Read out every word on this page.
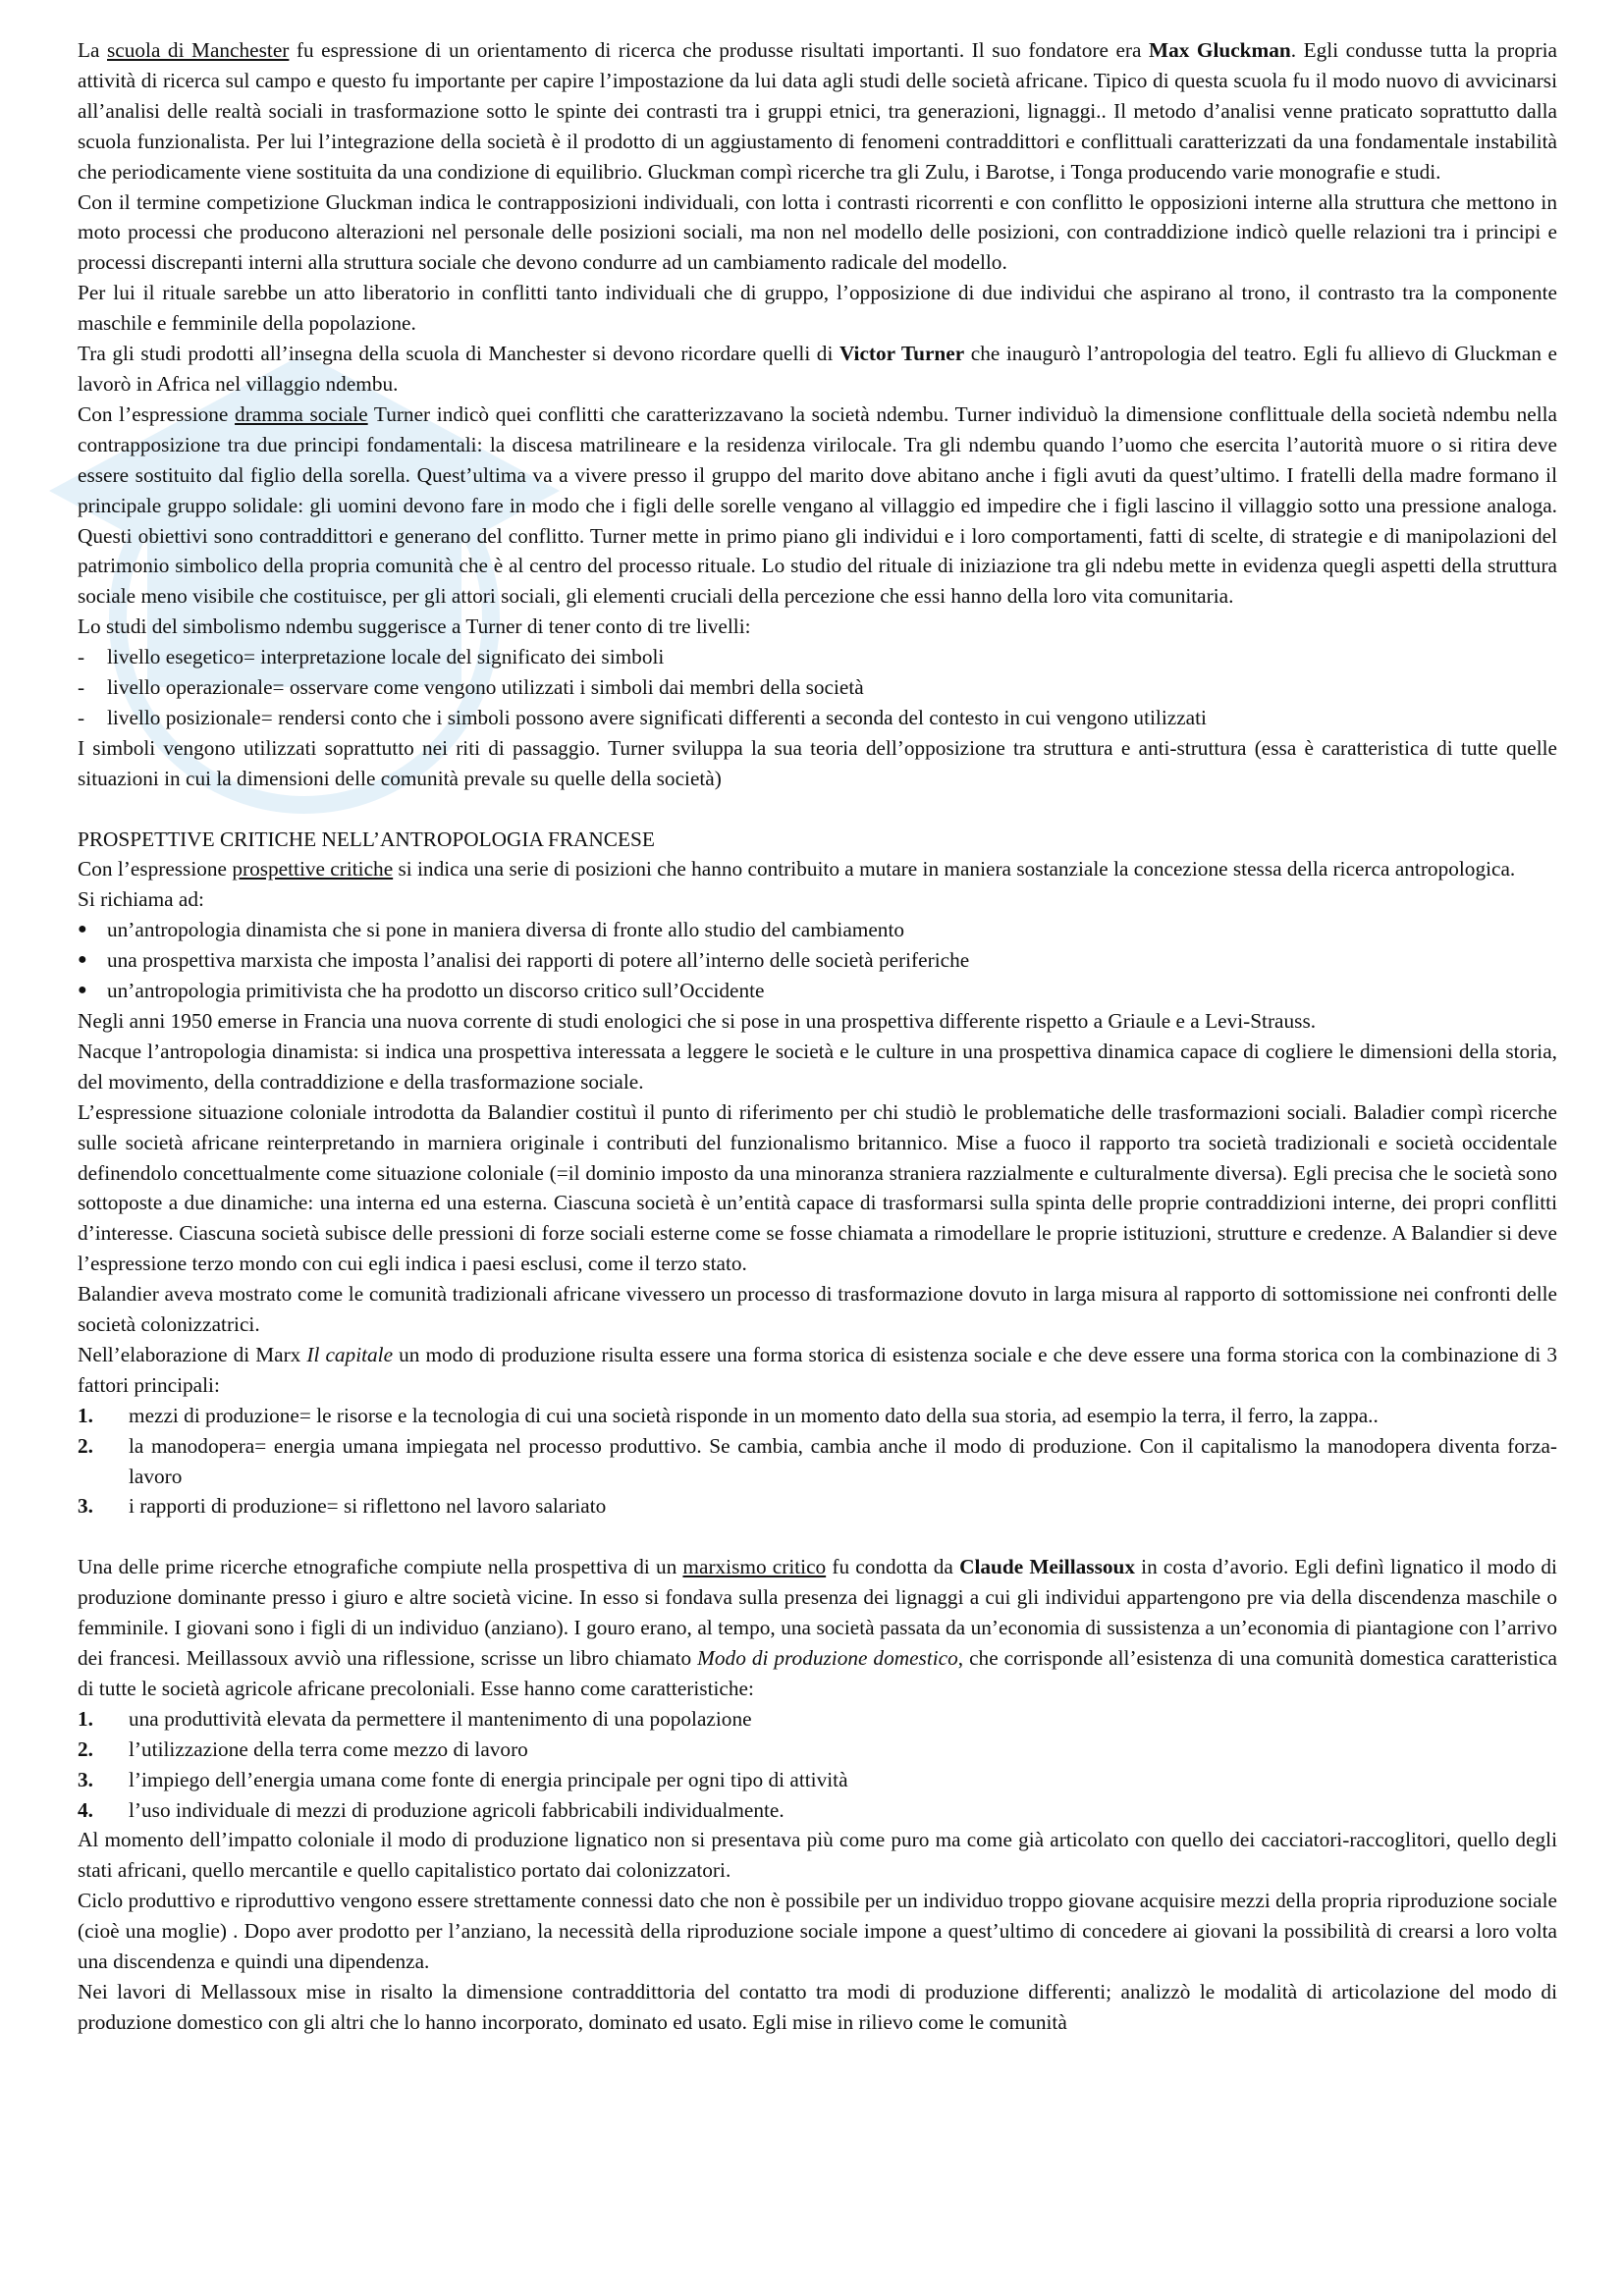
La scuola di Manchester fu espressione di un orientamento di ricerca che produsse risultati importanti. Il suo fondatore era Max Gluckman. Egli condusse tutta la propria attività di ricerca sul campo e questo fu importante per capire l’impostazione da lui data agli studi delle società africane. Tipico di questa scuola fu il modo nuovo di avvicinarsi all’analisi delle realtà sociali in trasformazione sotto le spinte dei contrasti tra i gruppi etnici, tra generazioni, lignaggi.. Il metodo d’analisi venne praticato soprattutto dalla scuola funzionalista. Per lui l’integrazione della società è il prodotto di un aggiustamento di fenomeni contraddittori e conflittuali caratterizzati da una fondamentale instabilità che periodicamente viene sostituita da una condizione di equilibrio. Gluckman compì ricerche tra gli Zulu, i Barotse, i Tonga producendo varie monografie e studi.

Con il termine competizione Gluckman indica le contrapposizioni individuali, con lotta i contrasti ricorrenti e con conflitto le opposizioni interne alla struttura che mettono in moto processi che producono alterazioni nel personale delle posizioni sociali, ma non nel modello delle posizioni, con contraddizione indicò quelle relazioni tra i principi e processi discrepanti interni alla struttura sociale che devono condurre ad un cambiamento radicale del modello.

Per lui il rituale sarebbe un atto liberatorio in conflitti tanto individuali che di gruppo, l’opposizione di due individui che aspirano al trono, il contrasto tra la componente maschile e femminile della popolazione.

Tra gli studi prodotti all’insegna della scuola di Manchester si devono ricordare quelli di Victor Turner che inaugurò l’antropologia del teatro. Egli fu allievo di Gluckman e lavorò in Africa nel villaggio ndembu.

Con l’espressione dramma sociale Turner indicò quei conflitti che caratterizzavano la società ndembu. Turner individuò la dimensione conflittuale della società ndembu nella contrapposizione tra due principi fondamentali: la discesa matrilineare e la residenza virilocale. Tra gli ndembu quando l’uomo che esercita l’autorità muore o si ritira deve essere sostituito dal figlio della sorella. Quest’ultima va a vivere presso il gruppo del marito dove abitano anche i figli avuti da quest’ultimo. I fratelli della madre formano il principale gruppo solidale: gli uomini devono fare in modo che i figli delle sorelle vengano al villaggio ed impedire che i figli lascino il villaggio sotto una pressione analoga. Questi obiettivi sono contraddittori e generano del conflitto. Turner mette in primo piano gli individui e i loro comportamenti, fatti di scelte, di strategie e di manipolazioni del patrimonio simbolico della propria comunità che è al centro del processo rituale. Lo studio del rituale di iniziazione tra gli ndebu mette in evidenza quegli aspetti della struttura sociale meno visibile che costituisce, per gli attori sociali, gli elementi cruciali della percezione che essi hanno della loro vita comunitaria.

Lo studi del simbolismo ndembu suggerisce a Turner di tener conto di tre livelli:

-	livello esegetico= interpretazione locale del significato dei simboli
-	livello operazionale= osservare come vengono utilizzati i simboli dai membri della società
-	livello posizionale= rendersi conto che i simboli possono avere significati differenti a seconda del contesto in cui vengono utilizzati

I simboli vengono utilizzati soprattutto nei riti di passaggio. Turner sviluppa la sua teoria dell’opposizione tra struttura e anti-struttura (essa è caratteristica di tutte quelle situazioni in cui la dimensioni delle comunità prevale su quelle della società)

PROSPETTIVE CRITICHE NELL’ANTROPOLOGIA FRANCESE

Con l’espressione prospettive critiche si indica una serie di posizioni che hanno contribuito a mutare in maniera sostanziale la concezione stessa della ricerca antropologica.

Si richiama ad:

● un’antropologia dinamista che si pone in maniera diversa di fronte allo studio del cambiamento
● una prospettiva marxista che imposta l’analisi dei rapporti di potere all’interno delle società periferiche
● un’antropologia primitivista che ha prodotto un discorso critico sull’Occidente

Negli anni 1950 emerse in Francia una nuova corrente di studi enologici che si pose in una prospettiva differente rispetto a Griaule e a Levi-Strauss.

Nacque l’antropologia dinamista: si indica una prospettiva interessata a leggere le società e le culture in una prospettiva dinamica capace di cogliere le dimensioni della storia, del movimento, della contraddizione e della trasformazione sociale.

L’espressione situazione coloniale introdotta da Balandier costituì il punto di riferimento per chi studiò le problematiche delle trasformazioni sociali. Baladier compì ricerche sulle società africane reinterpretando in marniera originale i contributi del funzionalismo britannico. Mise a fuoco il rapporto tra società tradizionali e società occidentale definendolo concettualmente come situazione coloniale (=il dominio imposto da una minoranza straniera razzialmente e culturalmente diversa). Egli precisa che le società sono sottoposte a due dinamiche: una interna ed una esterna. Ciascuna società è un’entità capace di trasformarsi sulla spinta delle proprie contraddizioni interne, dei propri conflitti d’interesse. Ciascuna società subisce delle pressioni di forze sociali esterne come se fosse chiamata a rimodellare le proprie istituzioni, strutture e credenze. A Balandier si deve l’espressione terzo mondo con cui egli indica i paesi esclusi, come il terzo stato.

Balandier aveva mostrato come le comunità tradizionali africane vivessero un processo di trasformazione dovuto in larga misura al rapporto di sottomissione nei confronti delle società colonizzatrici.

Nell’elaborazione di Marx Il capitale un modo di produzione risulta essere una forma storica di esistenza sociale e che deve essere una forma storica con la combinazione di 3 fattori principali:

1.	mezzi di produzione= le risorse e la tecnologia di cui una società risponde in un momento dato della sua storia, ad esempio la terra, il ferro, la zappa..
2.	la manodopera= energia umana impiegata nel processo produttivo. Se cambia, cambia anche il modo di produzione. Con il capitalismo la manodopera diventa forza-lavoro
3.	i rapporti di produzione= si riflettono nel lavoro salariato

Una delle prime ricerche etnografiche compiute nella prospettiva di un marxismo critico fu condotta da Claude Meillassoux in costa d’avorio. Egli definì lignatico il modo di produzione dominante presso i giuro e altre società vicine. In esso si fondava sulla presenza dei lignaggi a cui gli individui appartengono pre via della discendenza maschile o femminile. I giovani sono i figli di un individuo (anziano). I gouro erano, al tempo, una società passata da un’economia di sussistenza a un’economia di piantagione con l’arrivo dei francesi. Meillassoux avviò una riflessione, scrisse un libro chiamato Modo di produzione domestico, che corrisponde all’esistenza di una comunità domestica caratteristica di tutte le società agricole africane precoloniali. Esse hanno come caratteristiche:

1.	una produttività elevata da permettere il mantenimento di una popolazione
2.	l’utilizzazione della terra come mezzo di lavoro
3.	l’impiego dell’energia umana come fonte di energia principale per ogni tipo di attività
4.	l’uso individuale di mezzi di produzione agricoli fabbricabili individualmente.

Al momento dell’impatto coloniale il modo di produzione lignatico non si presentava più come puro ma come già articolato con quello dei cacciatori-raccoglitori, quello degli stati africani, quello mercantile e quello capitalistico portato dai colonizzatori.

Ciclo produttivo e riproduttivo vengono essere strettamente connessi dato che non è possibile per un individuo troppo giovane acquisire mezzi della propria riproduzione sociale (cioè una moglie) . Dopo aver prodotto per l’anziano, la necessità della riproduzione sociale impone a quest’ultimo di concedere ai giovani la possibilità di crearsi a loro volta una discendenza e quindi una dipendenza.

Nei lavori di Mellassoux mise in risalto la dimensione contraddittoria del contatto tra modi di produzione differenti; analizzò le modalità di articolazione del modo di produzione domestico con gli altri che lo hanno incorporato, dominato ed usato. Egli mise in rilievo come le comunità
